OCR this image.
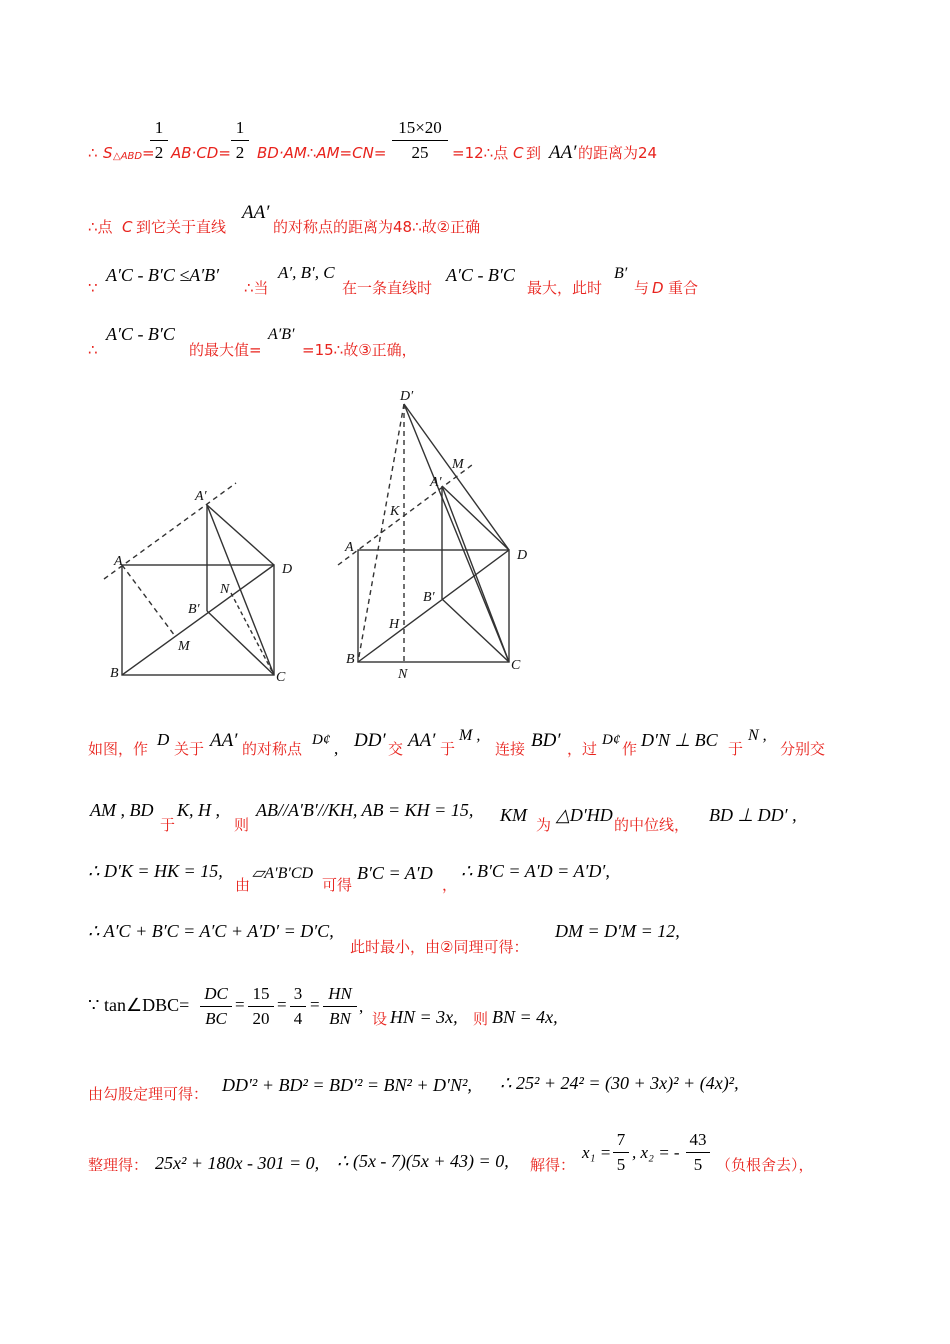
∴ S △ABD =
1
2 AB·CD=
1
2 BD·AM∴AM=CN=
15×20
25	=12∴点 C 到 AA′ 的距离为24
∴点 C 到它关于直线
AA′
的对称点的距离为48∴故②正确
∵
A′C - B′C ≤A′B′
∴当
A′, B′, C
在一条直线时
A′C - B′C
最大，此时
B′
与 D 重合
∴
A′C - B′C
的最大值=
A′B′
=15∴故③正确，
A
A′
D
N
B′
M
B	C
D′
M
A′
K
A
D
B′
H
B
N
C
如图，作 D 关于 AA′ 的对称点 D¢ , DD′ 交 AA′ 于
M ,
连接 BD′ ，过 D¢ 作 D′N ⊥ BC 于
N ,
分别交
AM , BD
于
K, H ,
则
AB//A′B′//KH, AB = KH = 15, KM 为 △D′HD 的中位线， BD ⊥ DD′ ,
∴ D′K = HK = 15,
由
▱A′B′CD
可得
B′C = A′D
，
∴ B′C = A′D = A′D′,
∴ A′C + B′C = A′C + A′D′ = D′C,
此时最小，由②同理可得：
DM = D′M = 12,
∵ tan∠DBC=
DC
BC
=
15
20
=
3
4
=
HN
BN
,
设 HN = 3x, 则 BN = 4x,
由勾股定理可得： DD′² + BD² = BD′² = BN² + D′N², ∴ 25² + 24² = (30 + 3x)² + (4x)²,
整理得： 25x² + 180x - 301 = 0, ∴ (5x - 7)(5x + 43) = 0, 解得：
x₁ =
7
5
, x₂ = -
43
5 （负根舍去），
